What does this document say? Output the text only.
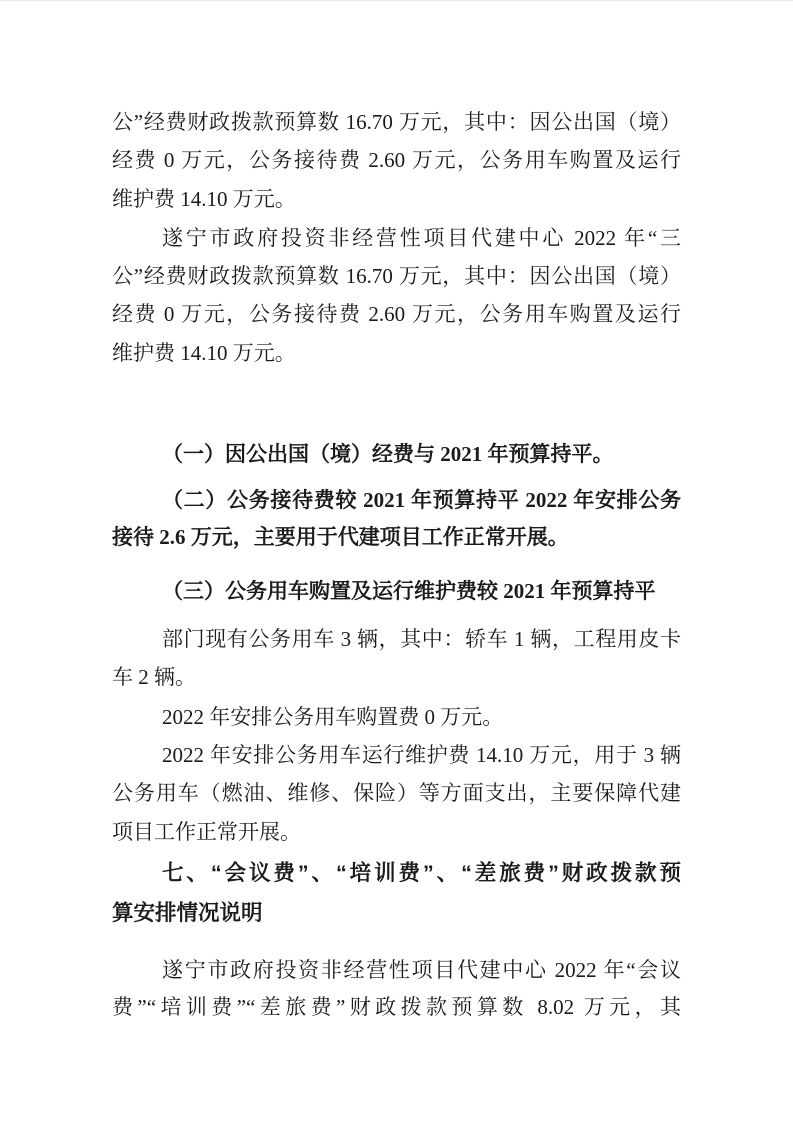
公”经费财政拨款预算数 16.70 万元，其中：因公出国（境）
经费 0 万元，公务接待费 2.60 万元，公务用车购置及运行
维护费 14.10 万元。
遂宁市政府投资非经营性项目代建中心 2022 年“三
公”经费财政拨款预算数 16.70 万元，其中：因公出国（境）
经费 0 万元，公务接待费 2.60 万元，公务用车购置及运行
维护费 14.10 万元。
（一）因公出国（境）经费与 2021 年预算持平。
（二）公务接待费较 2021 年预算持平 2022 年安排公务
接待 2.6 万元，主要用于代建项目工作正常开展。
（三）公务用车购置及运行维护费较 2021 年预算持平
部门现有公务用车 3 辆，其中：轿车 1 辆，工程用皮卡
车 2 辆。
2022 年安排公务用车购置费 0 万元。
2022 年安排公务用车运行维护费 14.10 万元，用于 3 辆
公务用车（燃油、维修、保险）等方面支出，主要保障代建
项目工作正常开展。
七、“会议费”、“培训费”、“差旅费”财政拨款预
算安排情况说明
遂宁市政府投资非经营性项目代建中心 2022 年“会议
费”“培训费”“差旅费”财政拨款预算数 8.02 万元，其
